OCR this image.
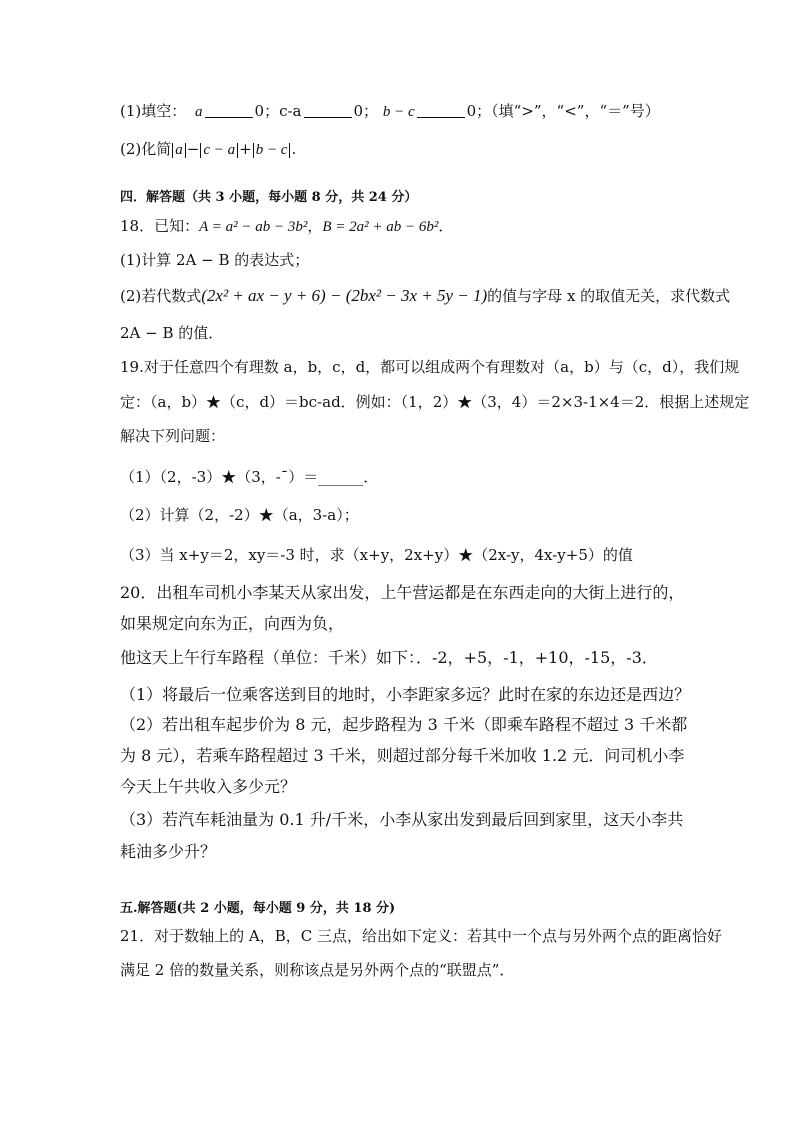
(1)填空： a	0；c-a	0； b − c	0；（填“>”，“<”，“＝”号）
(2)化简 a − c − a + b − c .
四．解答题（共 3 小题，每小题 8 分，共 24 分）
18．已知：A = a² − ab − 3b²，B = 2a² + ab − 6b²．
(1)计算 2A − B 的表达式；
(2)若代数式(2x² + ax − y + 6) − (2bx² − 3x + 5y − 1)的值与字母 x 的取值无关，求代数式
2A − B 的值．
19.对于任意四个有理数 a，b，c，d，都可以组成两个有理数对（a，b）与（c，d），我们规
定：（a，b）★（c，d）＝bc-ad．例如：（1，2）★（3，4）＝2×3-1×4＝2．根据上述规定
解决下列问题：
（1）（2，-3）★（3，-¯）＝______．
（2）计算（2，-2）★（a，3-a）；
（3）当 x+y＝2，xy＝-3 时，求（x+y，2x+y）★（2x-y，4x-y+5）的值
20．出租车司机小李某天从家出发，上午营运都是在东西走向的大街上进行的，
如果规定向东为正，向西为负，
他这天上午行车路程（单位：千米）如下：．-2，+5，-1，+10，-15，-3．
（1）将最后一位乘客送到目的地时，小李距家多远？此时在家的东边还是西边？
（2）若出租车起步价为 8 元，起步路程为 3 千米（即乘车路程不超过 3 千米都
为 8 元），若乘车路程超过 3 千米，则超过部分每千米加收 1.2 元．问司机小李
今天上午共收入多少元？
（3）若汽车耗油量为 0.1 升/千米，小李从家出发到最后回到家里，这天小李共
耗油多少升？
五.解答题(共 2 小题，每小题 9 分，共 18 分)
21．对于数轴上的 A，B，C 三点，给出如下定义：若其中一个点与另外两个点的距离恰好
满足 2 倍的数量关系，则称该点是另外两个点的“联盟点”．
